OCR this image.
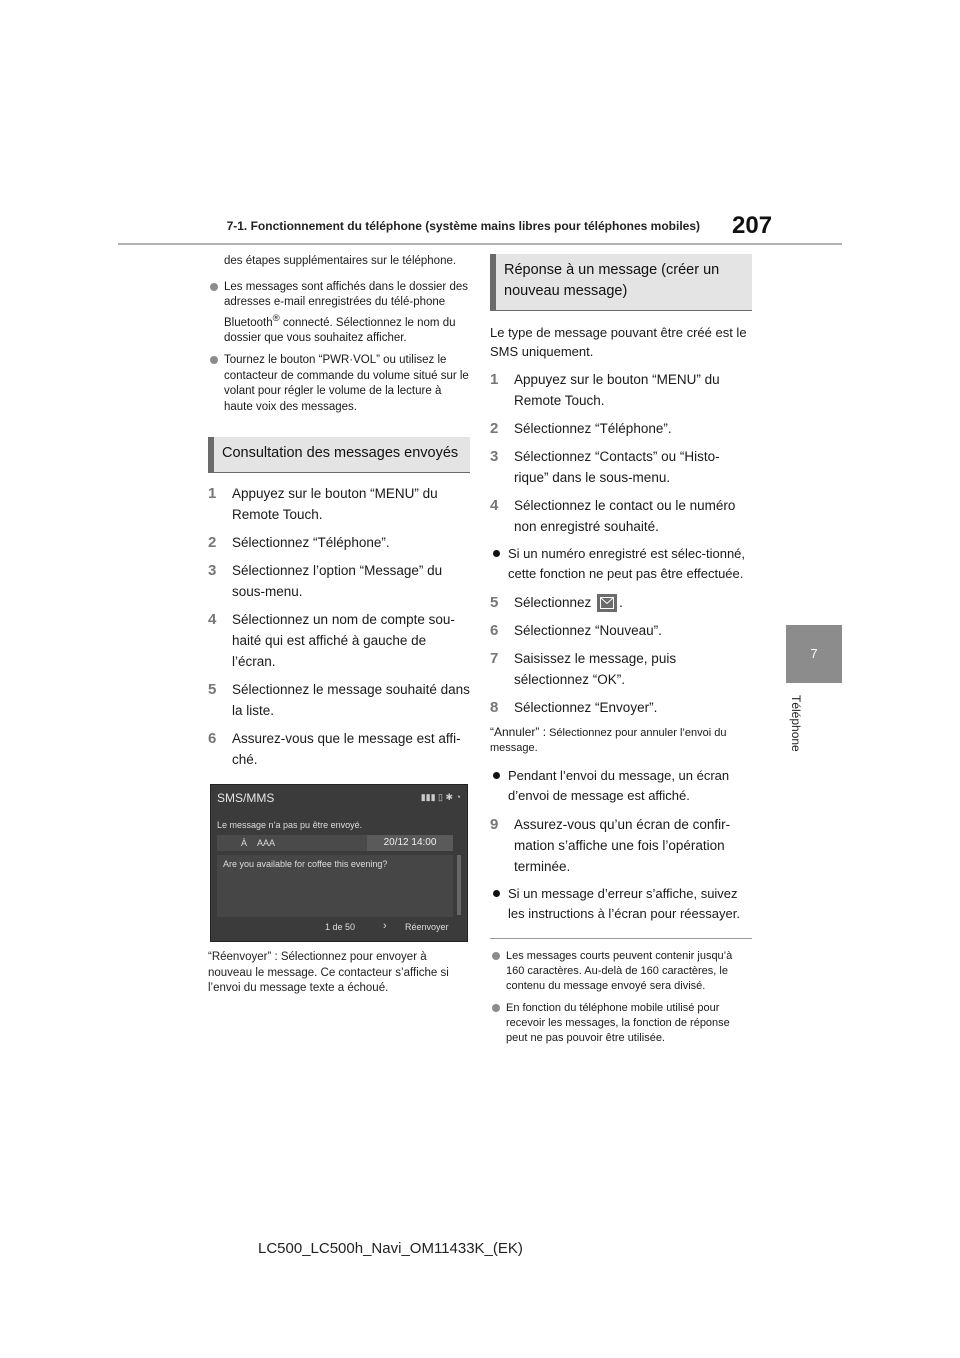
7-1. Fonctionnement du téléphone (système mains libres pour téléphones mobiles) 207
7
Téléphone
des étapes supplémentaires sur le téléphone.
Les messages sont affichés dans le dossier des adresses e-mail enregistrées du télé-phone Bluetooth® connecté. Sélectionnez le nom du dossier que vous souhaitez afficher.
Tournez le bouton “PWR·VOL” ou utilisez le contacteur de commande du volume situé sur le volant pour régler le volume de la lecture à haute voix des messages.
Consultation des messages envoyés
1 Appuyez sur le bouton “MENU” du Remote Touch.
2 Sélectionnez “Téléphone”.
3 Sélectionnez l’option “Message” du sous-menu.
4 Sélectionnez un nom de compte sou-haité qui est affiché à gauche de l’écran.
5 Sélectionnez le message souhaité dans la liste.
6 Assurez-vous que le message est affi-ché.
SMS/MMS	▮▮▮ ▯ ✱ ◔
Le message n’a pas pu être envoyé.
À AAA	20/12 14:00
Are you available for coffee this evening?
1 de 50	› Réenvoyer
“Réenvoyer” : Sélectionnez pour envoyer à nouveau le message. Ce contacteur s’affiche si l’envoi du message texte a échoué.
Réponse à un message (créer un nouveau message)
Le type de message pouvant être créé est le SMS uniquement.
1 Appuyez sur le bouton “MENU” du Remote Touch.
2 Sélectionnez “Téléphone”.
3 Sélectionnez “Contacts” ou “Histo-rique” dans le sous-menu.
4 Sélectionnez le contact ou le numéro non enregistré souhaité.
Si un numéro enregistré est sélec-tionné, cette fonction ne peut pas être effectuée.
5 Sélectionnez .
6 Sélectionnez “Nouveau”.
7 Saisissez le message, puis sélectionnez “OK”.
8 Sélectionnez “Envoyer”.
“Annuler” : Sélectionnez pour annuler l’envoi du message.
Pendant l’envoi du message, un écran d’envoi de message est affiché.
9 Assurez-vous qu’un écran de confir-mation s’affiche une fois l’opération terminée.
Si un message d’erreur s’affiche, suivez les instructions à l’écran pour réessayer.
Les messages courts peuvent contenir jusqu’à 160 caractères. Au-delà de 160 caractères, le contenu du message envoyé sera divisé.
En fonction du téléphone mobile utilisé pour recevoir les messages, la fonction de réponse peut ne pas pouvoir être utilisée.
LC500_LC500h_Navi_OM11433K_(EK)
